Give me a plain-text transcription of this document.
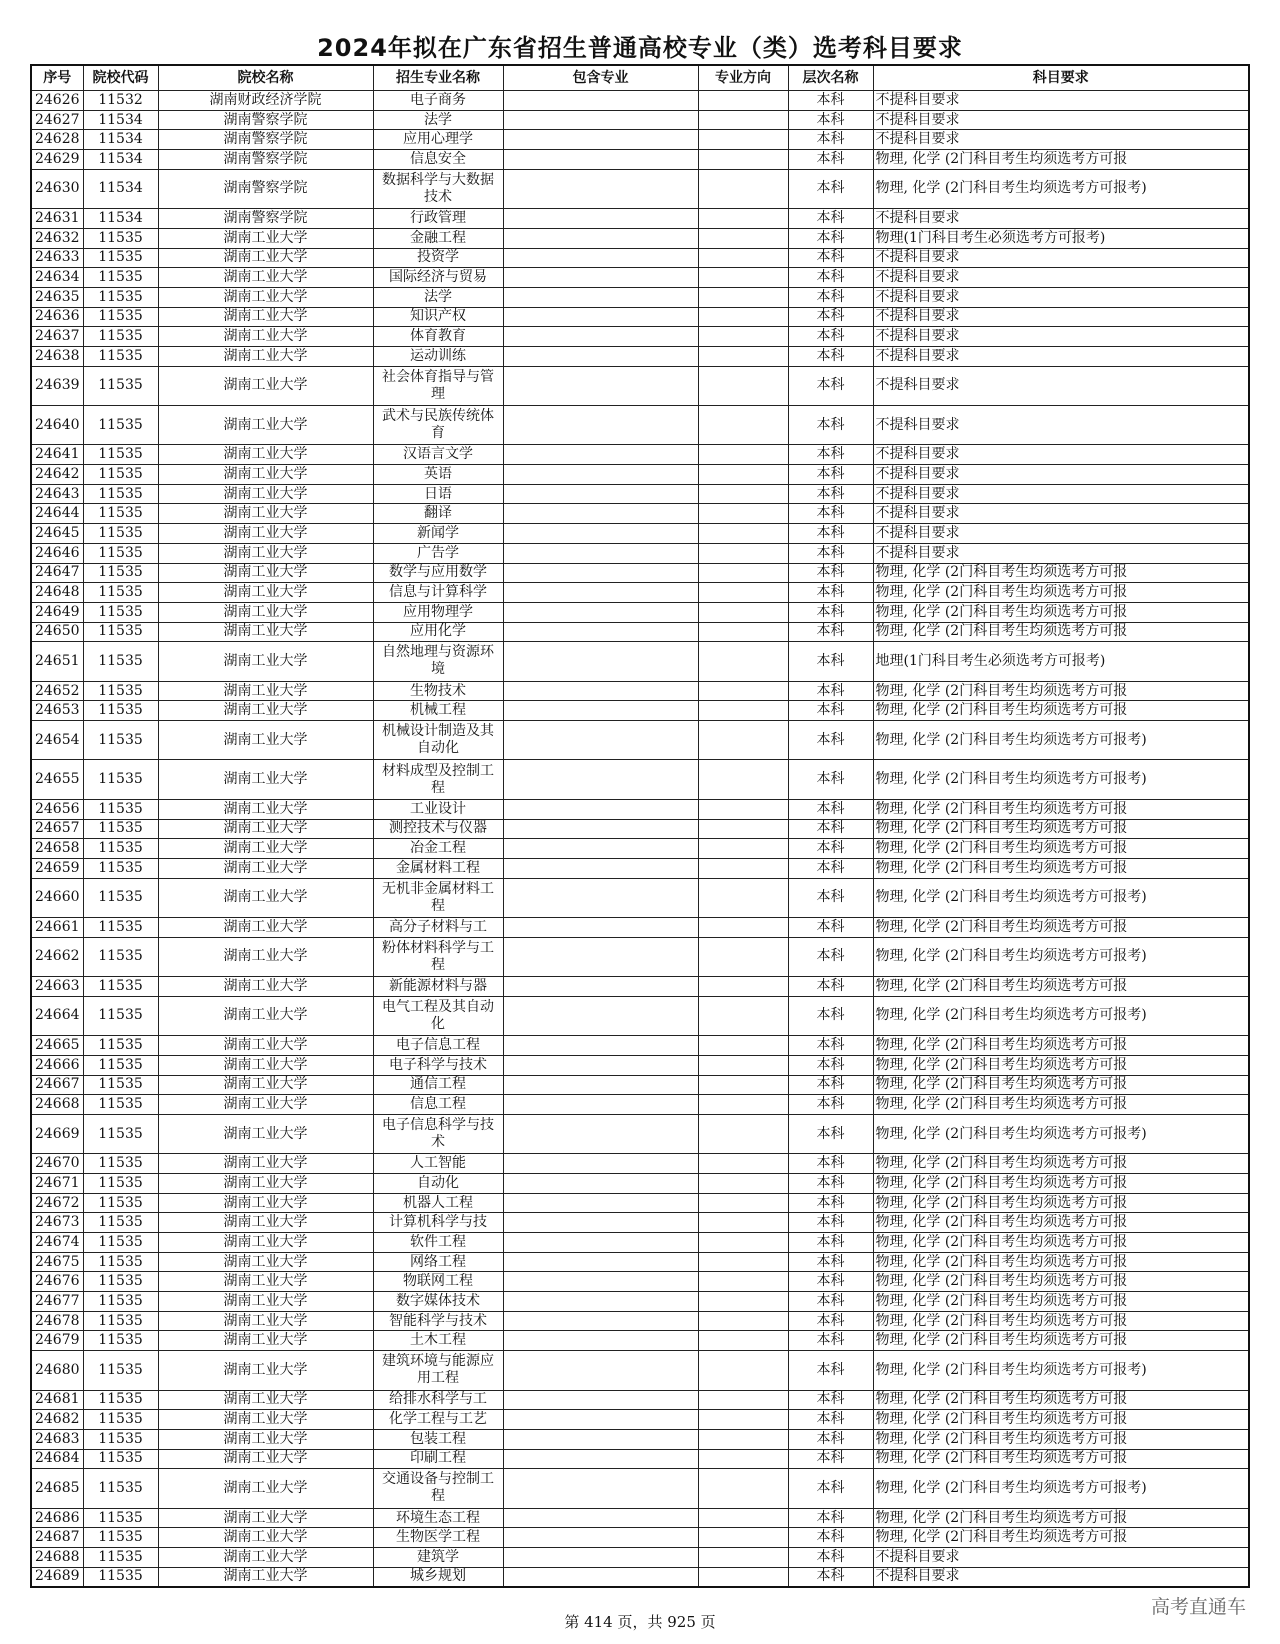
2024年拟在广东省招生普通高校专业（类）选考科目要求
序号	院校代码	院校名称	招生专业名称	包含专业	专业方向	层次名称	科目要求
24626	11532	湖南财政经济学院	电子商务			本科	不提科目要求
24627	11534	湖南警察学院	法学			本科	不提科目要求
24628	11534	湖南警察学院	应用心理学			本科	不提科目要求
24629	11534	湖南警察学院	信息安全			本科	物理, 化学 (2门科目考生均须选考方可报
24630	11534	湖南警察学院	数据科学与大数据技术			本科	物理, 化学 (2门科目考生均须选考方可报考)
24631	11534	湖南警察学院	行政管理			本科	不提科目要求
24632	11535	湖南工业大学	金融工程			本科	物理(1门科目考生必须选考方可报考)
24633	11535	湖南工业大学	投资学			本科	不提科目要求
24634	11535	湖南工业大学	国际经济与贸易			本科	不提科目要求
24635	11535	湖南工业大学	法学			本科	不提科目要求
24636	11535	湖南工业大学	知识产权			本科	不提科目要求
24637	11535	湖南工业大学	体育教育			本科	不提科目要求
24638	11535	湖南工业大学	运动训练			本科	不提科目要求
24639	11535	湖南工业大学	社会体育指导与管理			本科	不提科目要求
24640	11535	湖南工业大学	武术与民族传统体育			本科	不提科目要求
24641	11535	湖南工业大学	汉语言文学			本科	不提科目要求
24642	11535	湖南工业大学	英语			本科	不提科目要求
24643	11535	湖南工业大学	日语			本科	不提科目要求
24644	11535	湖南工业大学	翻译			本科	不提科目要求
24645	11535	湖南工业大学	新闻学			本科	不提科目要求
24646	11535	湖南工业大学	广告学			本科	不提科目要求
24647	11535	湖南工业大学	数学与应用数学			本科	物理, 化学 (2门科目考生均须选考方可报
24648	11535	湖南工业大学	信息与计算科学			本科	物理, 化学 (2门科目考生均须选考方可报
24649	11535	湖南工业大学	应用物理学			本科	物理, 化学 (2门科目考生均须选考方可报
24650	11535	湖南工业大学	应用化学			本科	物理, 化学 (2门科目考生均须选考方可报
24651	11535	湖南工业大学	自然地理与资源环境			本科	地理(1门科目考生必须选考方可报考)
24652	11535	湖南工业大学	生物技术			本科	物理, 化学 (2门科目考生均须选考方可报
24653	11535	湖南工业大学	机械工程			本科	物理, 化学 (2门科目考生均须选考方可报
24654	11535	湖南工业大学	机械设计制造及其自动化			本科	物理, 化学 (2门科目考生均须选考方可报考)
24655	11535	湖南工业大学	材料成型及控制工程			本科	物理, 化学 (2门科目考生均须选考方可报考)
24656	11535	湖南工业大学	工业设计			本科	物理, 化学 (2门科目考生均须选考方可报
24657	11535	湖南工业大学	测控技术与仪器			本科	物理, 化学 (2门科目考生均须选考方可报
24658	11535	湖南工业大学	冶金工程			本科	物理, 化学 (2门科目考生均须选考方可报
24659	11535	湖南工业大学	金属材料工程			本科	物理, 化学 (2门科目考生均须选考方可报
24660	11535	湖南工业大学	无机非金属材料工程			本科	物理, 化学 (2门科目考生均须选考方可报考)
24661	11535	湖南工业大学	高分子材料与工			本科	物理, 化学 (2门科目考生均须选考方可报
24662	11535	湖南工业大学	粉体材料科学与工程			本科	物理, 化学 (2门科目考生均须选考方可报考)
24663	11535	湖南工业大学	新能源材料与器			本科	物理, 化学 (2门科目考生均须选考方可报
24664	11535	湖南工业大学	电气工程及其自动化			本科	物理, 化学 (2门科目考生均须选考方可报考)
24665	11535	湖南工业大学	电子信息工程			本科	物理, 化学 (2门科目考生均须选考方可报
24666	11535	湖南工业大学	电子科学与技术			本科	物理, 化学 (2门科目考生均须选考方可报
24667	11535	湖南工业大学	通信工程			本科	物理, 化学 (2门科目考生均须选考方可报
24668	11535	湖南工业大学	信息工程			本科	物理, 化学 (2门科目考生均须选考方可报
24669	11535	湖南工业大学	电子信息科学与技术			本科	物理, 化学 (2门科目考生均须选考方可报考)
24670	11535	湖南工业大学	人工智能			本科	物理, 化学 (2门科目考生均须选考方可报
24671	11535	湖南工业大学	自动化			本科	物理, 化学 (2门科目考生均须选考方可报
24672	11535	湖南工业大学	机器人工程			本科	物理, 化学 (2门科目考生均须选考方可报
24673	11535	湖南工业大学	计算机科学与技			本科	物理, 化学 (2门科目考生均须选考方可报
24674	11535	湖南工业大学	软件工程			本科	物理, 化学 (2门科目考生均须选考方可报
24675	11535	湖南工业大学	网络工程			本科	物理, 化学 (2门科目考生均须选考方可报
24676	11535	湖南工业大学	物联网工程			本科	物理, 化学 (2门科目考生均须选考方可报
24677	11535	湖南工业大学	数字媒体技术			本科	物理, 化学 (2门科目考生均须选考方可报
24678	11535	湖南工业大学	智能科学与技术			本科	物理, 化学 (2门科目考生均须选考方可报
24679	11535	湖南工业大学	土木工程			本科	物理, 化学 (2门科目考生均须选考方可报
24680	11535	湖南工业大学	建筑环境与能源应用工程			本科	物理, 化学 (2门科目考生均须选考方可报考)
24681	11535	湖南工业大学	给排水科学与工			本科	物理, 化学 (2门科目考生均须选考方可报
24682	11535	湖南工业大学	化学工程与工艺			本科	物理, 化学 (2门科目考生均须选考方可报
24683	11535	湖南工业大学	包装工程			本科	物理, 化学 (2门科目考生均须选考方可报
24684	11535	湖南工业大学	印刷工程			本科	物理, 化学 (2门科目考生均须选考方可报
24685	11535	湖南工业大学	交通设备与控制工程			本科	物理, 化学 (2门科目考生均须选考方可报考)
24686	11535	湖南工业大学	环境生态工程			本科	物理, 化学 (2门科目考生均须选考方可报
24687	11535	湖南工业大学	生物医学工程			本科	物理, 化学 (2门科目考生均须选考方可报
24688	11535	湖南工业大学	建筑学			本科	不提科目要求
24689	11535	湖南工业大学	城乡规划			本科	不提科目要求
第 414 页，共 925 页
高考直通车
